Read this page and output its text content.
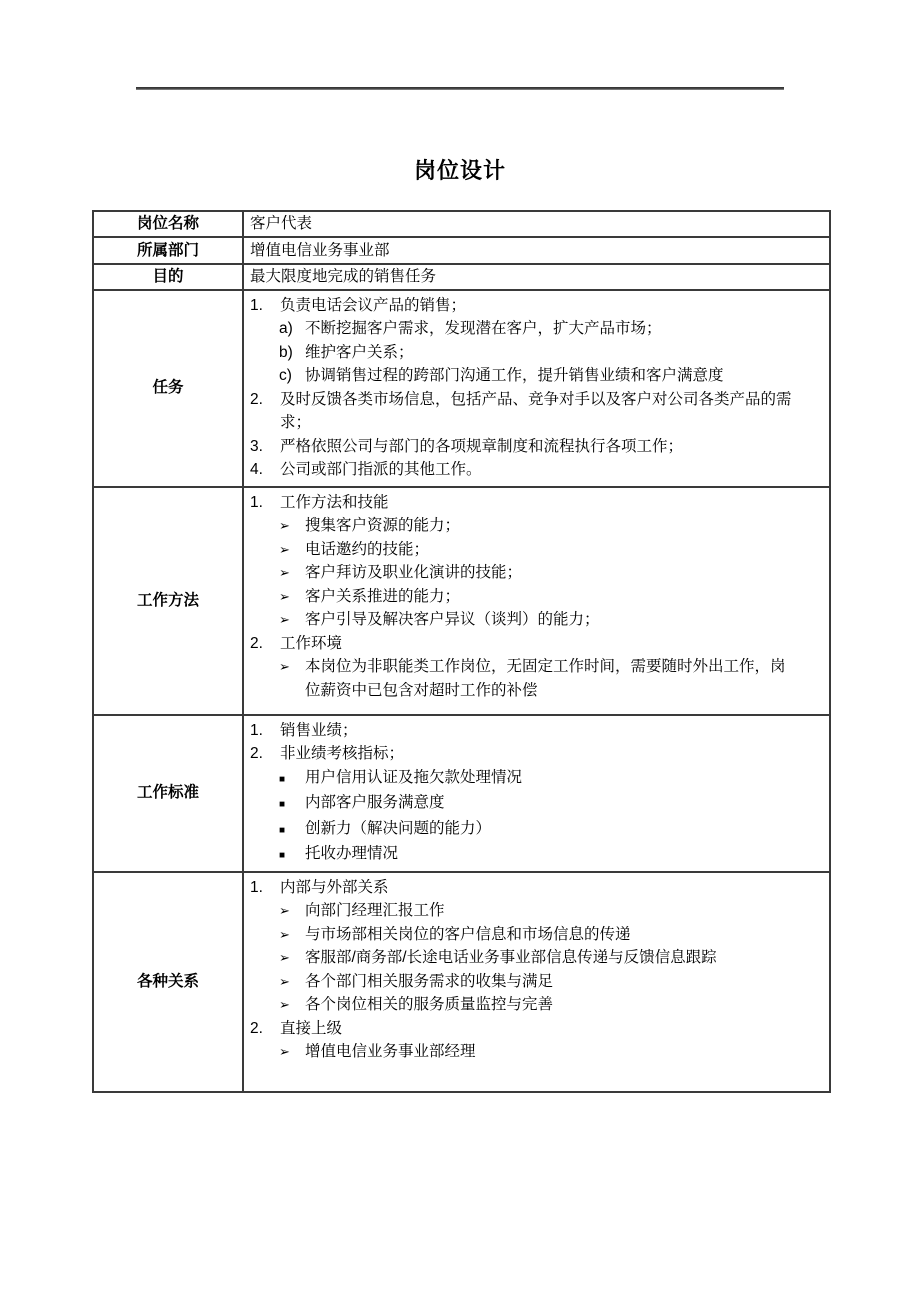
岗位设计
岗位名称	客户代表
所属部门	增值电信业务事业部
目的	最大限度地完成的销售任务
任务	
1.	负责电话会议产品的销售；
a) 不断挖掘客户需求，发现潜在客户，扩大产品市场；
b) 维护客户关系；
c) 协调销售过程的跨部门沟通工作，提升销售业绩和客户满意度
2.	及时反馈各类市场信息，包括产品、竞争对手以及客户对公司各类产品的需求；
3.	严格依照公司与部门的各项规章制度和流程执行各项工作；
4.	公司或部门指派的其他工作。

工作方法	
1.	工作方法和技能
➢ 搜集客户资源的能力；
➢ 电话邀约的技能；
➢ 客户拜访及职业化演讲的技能；
➢ 客户关系推进的能力；
➢ 客户引导及解决客户异议（谈判）的能力；
2.	工作环境
➢ 本岗位为非职能类工作岗位，无固定工作时间，需要随时外出工作，岗位薪资中已包含对超时工作的补偿

工作标准	
1.	销售业绩；
2.	非业绩考核指标；
■	用户信用认证及拖欠款处理情况
■	内部客户服务满意度
■	创新力（解决问题的能力）
■	托收办理情况

各种关系	
1.	内部与外部关系
➢ 向部门经理汇报工作
➢ 与市场部相关岗位的客户信息和市场信息的传递
➢ 客服部/商务部/长途电话业务事业部信息传递与反馈信息跟踪
➢ 各个部门相关服务需求的收集与满足
➢ 各个岗位相关的服务质量监控与完善
2.	直接上级
➢ 增值电信业务事业部经理
